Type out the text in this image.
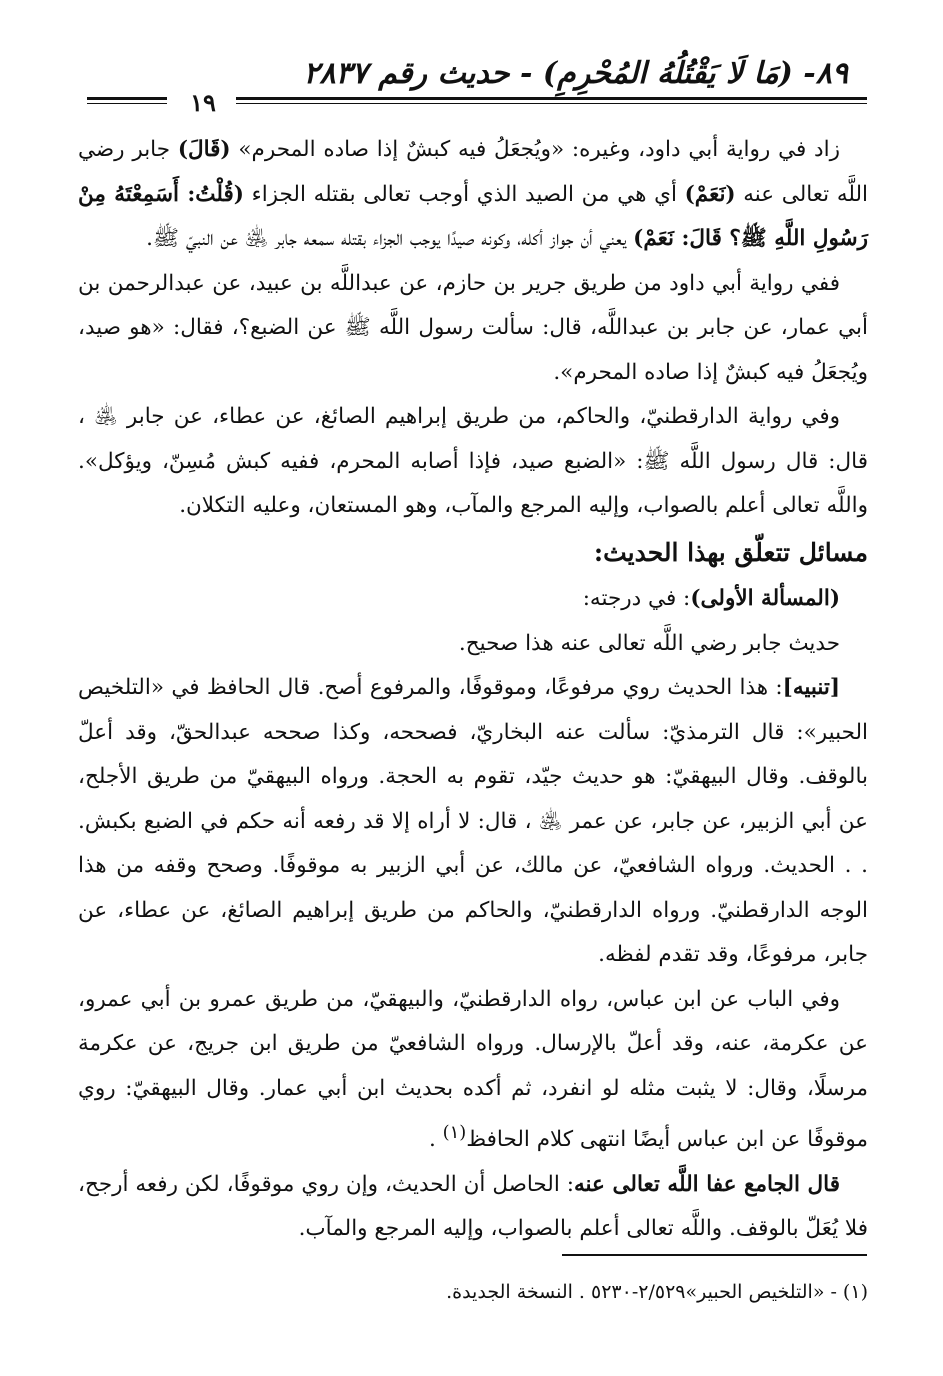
٨٩- (مَا لَا يَقْتُلُهُ المُحْرِمِ) - حديث رقم ٢٨٣٧
١٩

زاد في رواية أبي داود، وغيره: «ويُجعَلُ فيه كبشٌ إذا صاده المحرم» (قَالَ) جابر رضي اللَّه تعالى عنه (نَعَمْ) أي هي من الصيد الذي أوجب تعالى بقتله الجزاء (قُلْتُ: أَسَمِعْتَهُ مِنْ رَسُولِ اللَّهِ ﷺ؟ قَالَ: نَعَمْ) يعني أن جواز أكله، وكونه صيدًا يوجب الجزاء بقتله سمعه جابر ﵁ عن النبيّ ﷺ.

ففي رواية أبي داود من طريق جرير بن حازم، عن عبداللَّه بن عبيد، عن عبدالرحمن بن أبي عمار، عن جابر بن عبداللَّه، قال: سألت رسول اللَّه ﷺ عن الضبع؟، فقال: «هو صيد، ويُجعَلُ فيه كبشٌ إذا صاده المحرم».

وفي رواية الدارقطنيّ، والحاكم، من طريق إبراهيم الصائغ، عن عطاء، عن جابر ﵁ ، قال: قال رسول اللَّه ﷺ: «الضبع صيد، فإذا أصابه المحرم، ففيه كبش مُسِنّ، ويؤكل». واللَّه تعالى أعلم بالصواب، وإليه المرجع والمآب، وهو المستعان، وعليه التكلان.

مسائل تتعلّق بهذا الحديث:

(المسألة الأولى): في درجته:

حديث جابر رضي اللَّه تعالى عنه هذا صحيح.

[تنبيه]: هذا الحديث روي مرفوعًا، وموقوفًا، والمرفوع أصح. قال الحافظ في «التلخيص الحبير»: قال الترمذيّ: سألت عنه البخاريّ، فصححه، وكذا صححه عبدالحقّ، وقد أعلّ بالوقف. وقال البيهقيّ: هو حديث جيّد، تقوم به الحجة. ورواه البيهقيّ من طريق الأجلح، عن أبي الزبير، عن جابر، عن عمر ﵁ ، قال: لا أراه إلا قد رفعه أنه حكم في الضبع بكبش. . . الحديث. ورواه الشافعيّ، عن مالك، عن أبي الزبير به موقوفًا. وصحح وقفه من هذا الوجه الدارقطنيّ. ورواه الدارقطنيّ، والحاكم من طريق إبراهيم الصائغ، عن عطاء، عن جابر، مرفوعًا، وقد تقدم لفظه.

وفي الباب عن ابن عباس، رواه الدارقطنيّ، والبيهقيّ، من طريق عمرو بن أبي عمرو، عن عكرمة، عنه، وقد أعلّ بالإرسال. ورواه الشافعيّ من طريق ابن جريج، عن عكرمة مرسلًا، وقال: لا يثبت مثله لو انفرد، ثم أكده بحديث ابن أبي عمار. وقال البيهقيّ: روي موقوفًا عن ابن عباس أيضًا انتهى كلام الحافظ$^{(١)}$ .

قال الجامع عفا اللَّه تعالى عنه: الحاصل أن الحديث، وإن روي موقوفًا، لكن رفعه أرجح، فلا يُعَلّ بالوقف. واللَّه تعالى أعلم بالصواب، وإليه المرجع والمآب.

(١) - «التلخيص الحبير»٢/٥٢٩-٥٢٣٠ . النسخة الجديدة.
